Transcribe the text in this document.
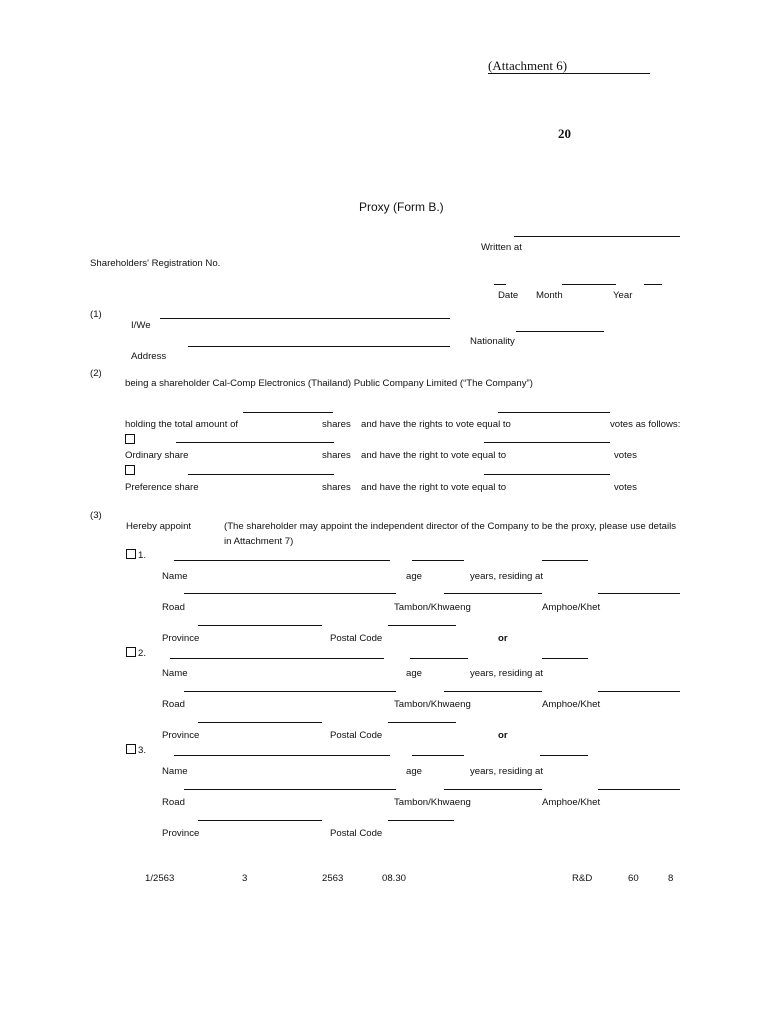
(Attachment 6)
20
Proxy (Form B.)
Written at
Shareholders' Registration No.
Date Month	Year
(1)
I/We
Nationality
Address
(2)
being a shareholder Cal-Comp Electronics (Thailand) Public Company Limited (“The Company”)
holding the total amount of	shares and have the rights to vote equal to	votes as follows:
Ordinary share	shares and have the right to vote equal to	votes
Preference share	shares and have the right to vote equal to	votes
(3)
Hereby appoint	(The shareholder may appoint the independent director of the Company to be the proxy, please use details
in Attachment 7)
1.
Name	age	years, residing at
Road	Tambon/Khwaeng	Amphoe/Khet
Province	Postal Code	or
2.
Name	age	years, residing at
Road	Tambon/Khwaeng	Amphoe/Khet
Province	Postal Code	or
3.
Name	age	years, residing at
Road	Tambon/Khwaeng	Amphoe/Khet
Province	Postal Code
1/2563	3	2563	08.30	R&D	60	8
